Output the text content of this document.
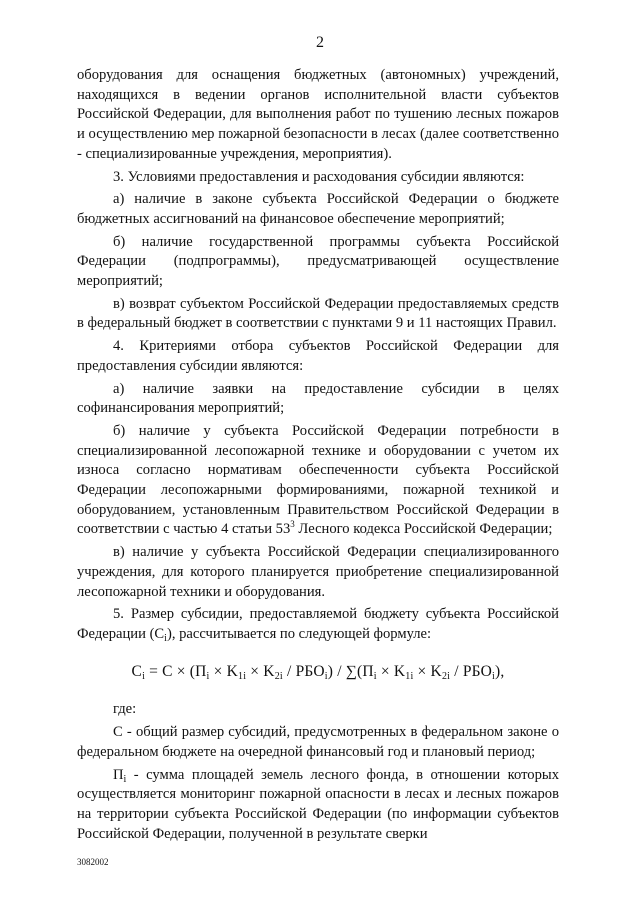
2

оборудования для оснащения бюджетных (автономных) учреждений, находящихся в ведении органов исполнительной власти субъектов Российской Федерации, для выполнения работ по тушению лесных пожаров и осуществлению мер пожарной безопасности в лесах (далее соответственно - специализированные учреждения, мероприятия).

3. Условиями предоставления и расходования субсидии являются:

а) наличие в законе субъекта Российской Федерации о бюджете бюджетных ассигнований на финансовое обеспечение мероприятий;

б) наличие государственной программы субъекта Российской Федерации (подпрограммы), предусматривающей осуществление мероприятий;

в) возврат субъектом Российской Федерации предоставляемых средств в федеральный бюджет в соответствии с пунктами 9 и 11 настоящих Правил.

4. Критериями отбора субъектов Российской Федерации для предоставления субсидии являются:

а) наличие заявки на предоставление субсидии в целях софинансирования мероприятий;

б) наличие у субъекта Российской Федерации потребности в специализированной лесопожарной технике и оборудовании с учетом их износа согласно нормативам обеспеченности субъекта Российской Федерации лесопожарными формированиями, пожарной техникой и оборудованием, установленным Правительством Российской Федерации в соответствии с частью 4 статьи $53^3$ Лесного кодекса Российской Федерации;

в) наличие у субъекта Российской Федерации специализированного учреждения, для которого планируется приобретение специализированной лесопожарной техники и оборудования.

5. Размер субсидии, предоставляемой бюджету субъекта Российской Федерации $(С_i)$, рассчитывается по следующей формуле:

$C_i = C \times (П_i \times K_{1i} \times K_{2i} / РБО_i) / \sum(П_i \times K_{1i} \times K_{2i} / РБО_i)$,

где:

С - общий размер субсидий, предусмотренных в федеральном законе о федеральном бюджете на очередной финансовый год и плановый период;

$П_i$ - сумма площадей земель лесного фонда, в отношении которых осуществляется мониторинг пожарной опасности в лесах и лесных пожаров на территории субъекта Российской Федерации (по информации субъектов Российской Федерации, полученной в результате сверки

3082002
